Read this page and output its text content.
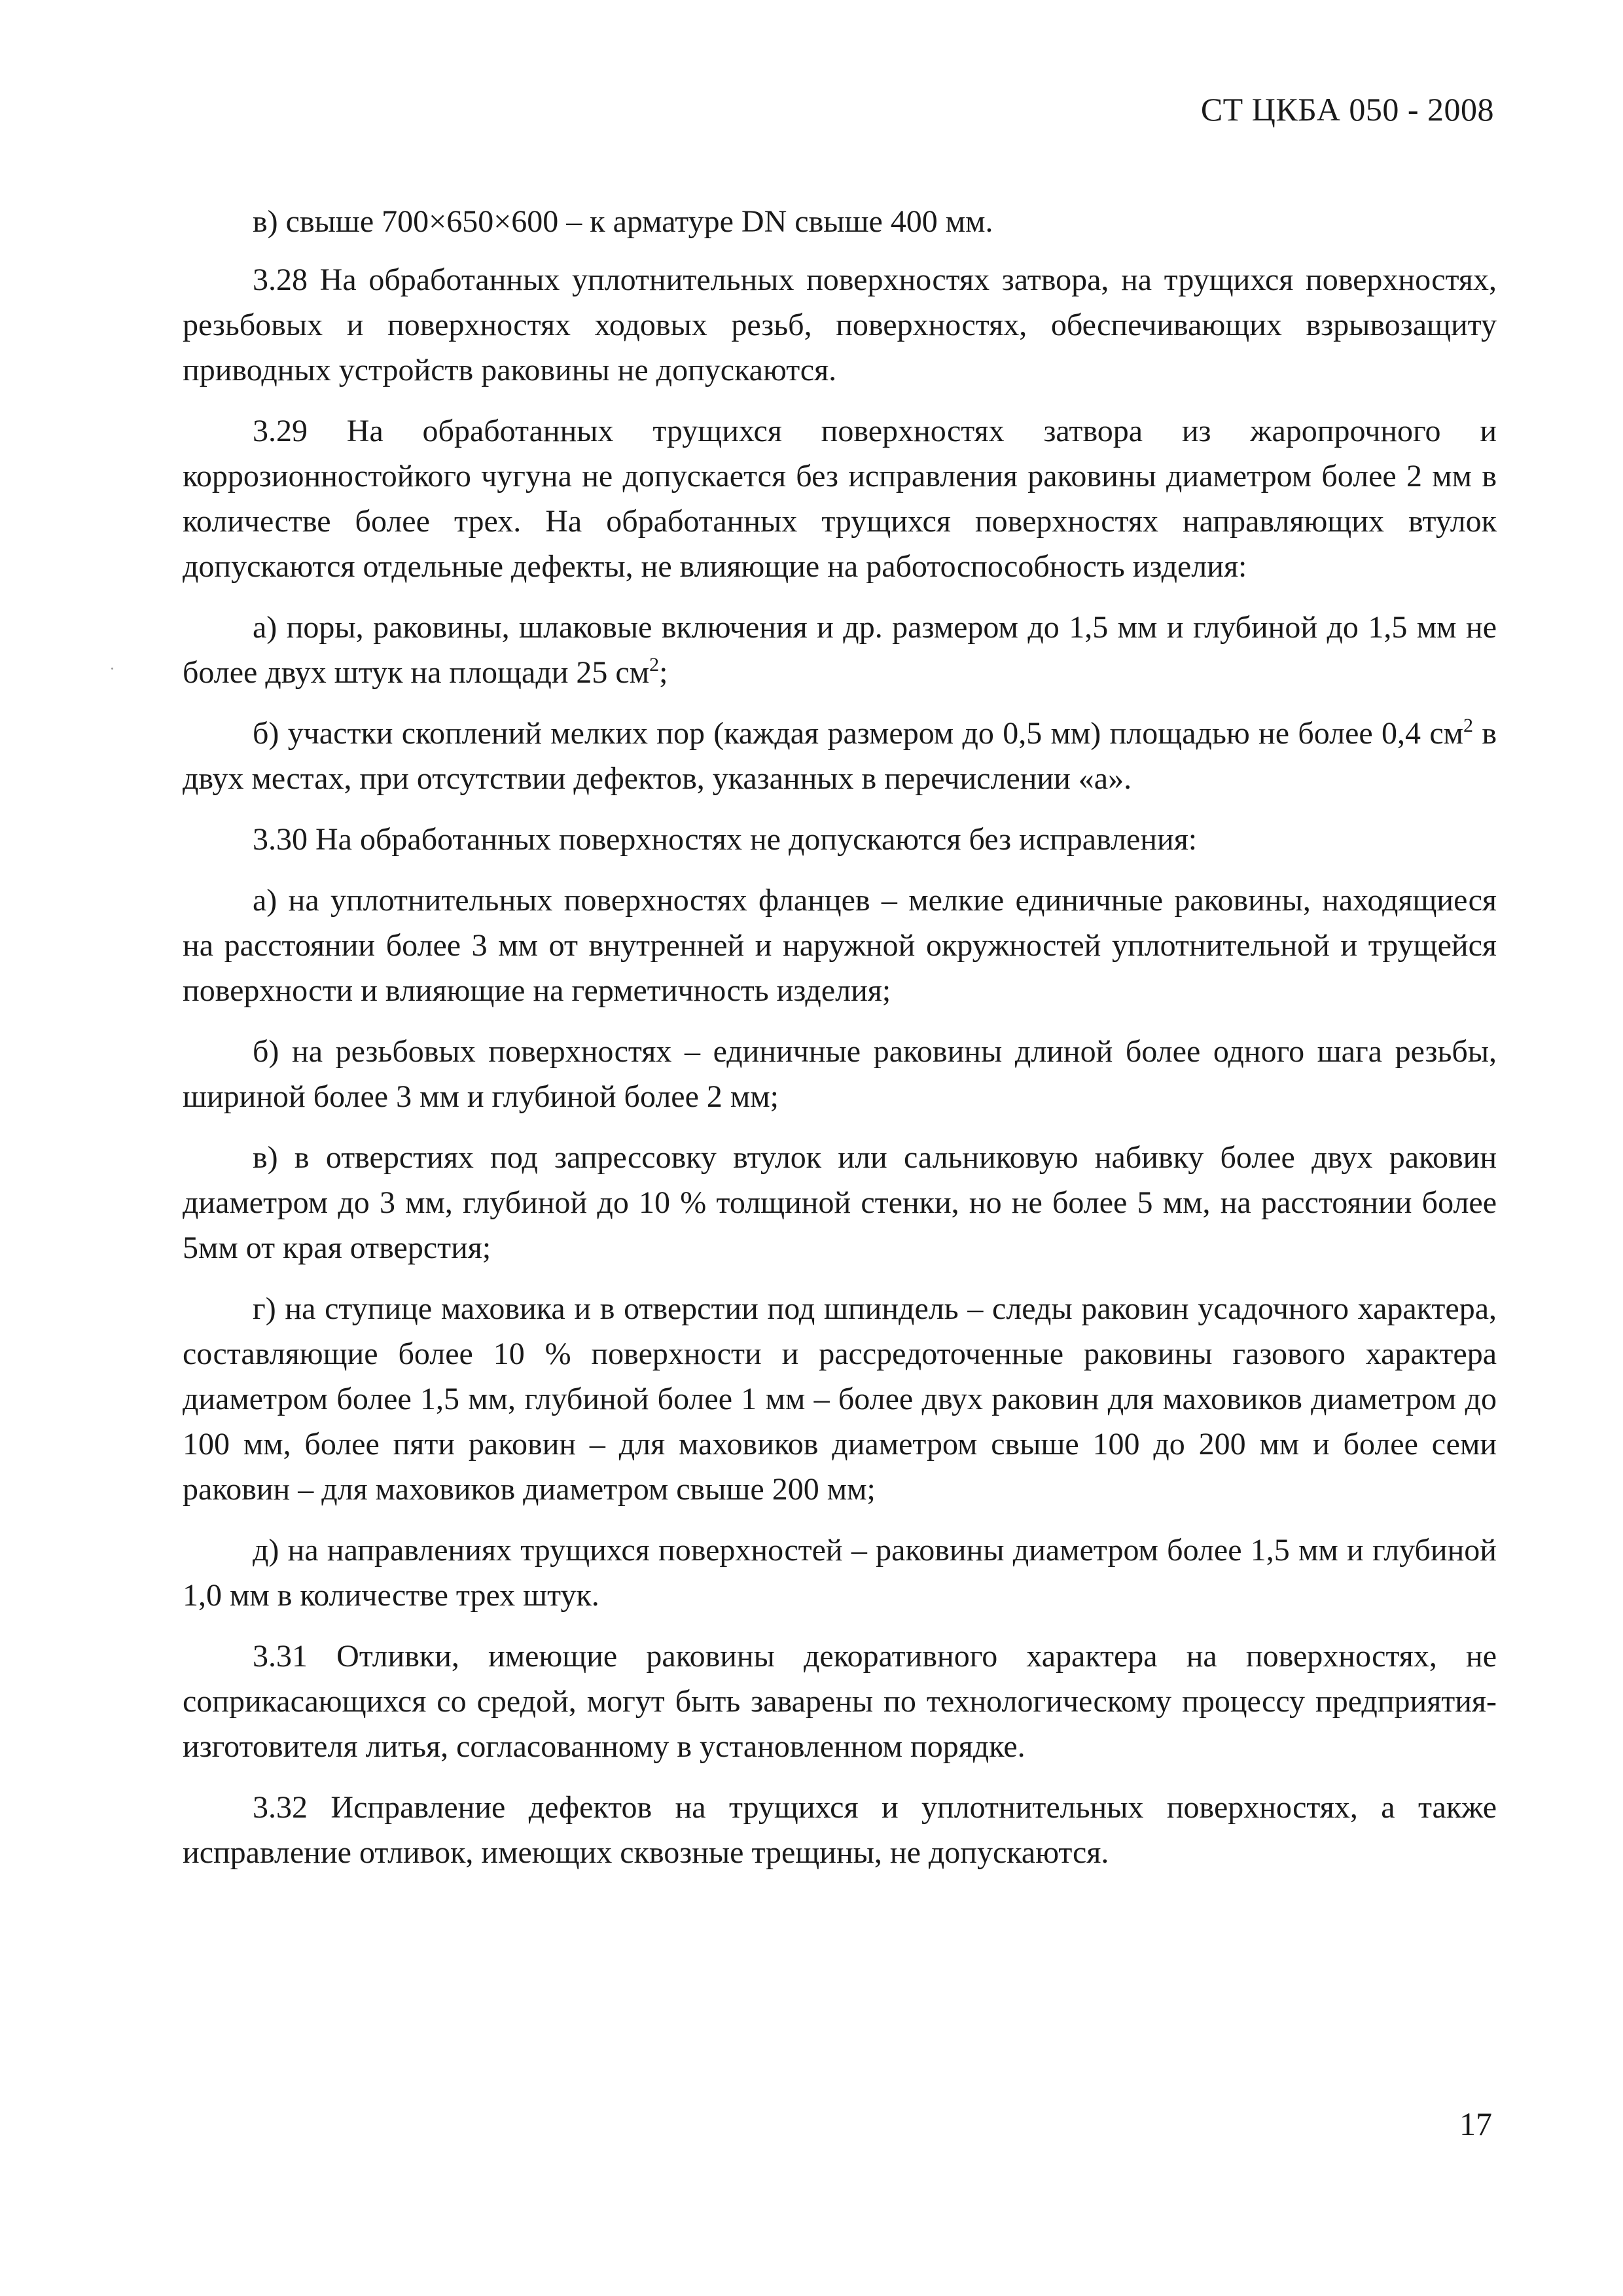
СТ ЦКБА 050 - 2008

в) свыше 700×650×600 – к арматуре DN свыше 400 мм.

3.28 На обработанных уплотнительных поверхностях затвора, на трущихся поверхностях, резьбовых и поверхностях ходовых резьб, поверхностях, обеспечивающих взрывозащиту приводных устройств раковины не допускаются.

3.29 На обработанных трущихся поверхностях затвора из жаропрочного и коррозионностойкого чугуна не допускается без исправления раковины диаметром более 2 мм в количестве более трех. На обработанных трущихся поверхностях направляющих втулок допускаются отдельные дефекты, не влияющие на работоспособность изделия:

а) поры, раковины, шлаковые включения и др. размером до 1,5 мм и глубиной до 1,5 мм не более двух штук на площади 25 $см^2$;

б) участки скоплений мелких пор (каждая размером до 0,5 мм) площадью не более 0,4 $см^2$ в двух местах, при отсутствии дефектов, указанных в перечислении «а».

3.30 На обработанных поверхностях не допускаются без исправления:

а) на уплотнительных поверхностях фланцев – мелкие единичные раковины, находящиеся на расстоянии более 3 мм от внутренней и наружной окружностей уплотнительной и трущейся поверхности и влияющие на герметичность изделия;

б) на резьбовых поверхностях – единичные раковины длиной более одного шага резьбы, шириной более 3 мм и глубиной более 2 мм;

в) в отверстиях под запрессовку втулок или сальниковую набивку более двух раковин диаметром до 3 мм, глубиной до 10 % толщиной стенки, но не более 5 мм, на расстоянии более 5мм от края отверстия;

г) на ступице маховика и в отверстии под шпиндель – следы раковин усадочного характера, составляющие более 10 % поверхности и рассредоточенные раковины газового характера диаметром более 1,5 мм, глубиной более 1 мм – более двух раковин для маховиков диаметром до 100 мм, более пяти раковин – для маховиков диаметром свыше 100 до 200 мм и более семи раковин – для маховиков диаметром свыше 200 мм;

д) на направлениях трущихся поверхностей – раковины диаметром более 1,5 мм и глубиной 1,0 мм в количестве трех штук.

3.31 Отливки, имеющие раковины декоративного характера на поверхностях, не соприкасающихся со средой, могут быть заварены по технологическому процессу предприятия-изготовителя литья, согласованному в установленном порядке.

3.32 Исправление дефектов на трущихся и уплотнительных поверхностях, а также исправление отливок, имеющих сквозные трещины, не допускаются.

17
